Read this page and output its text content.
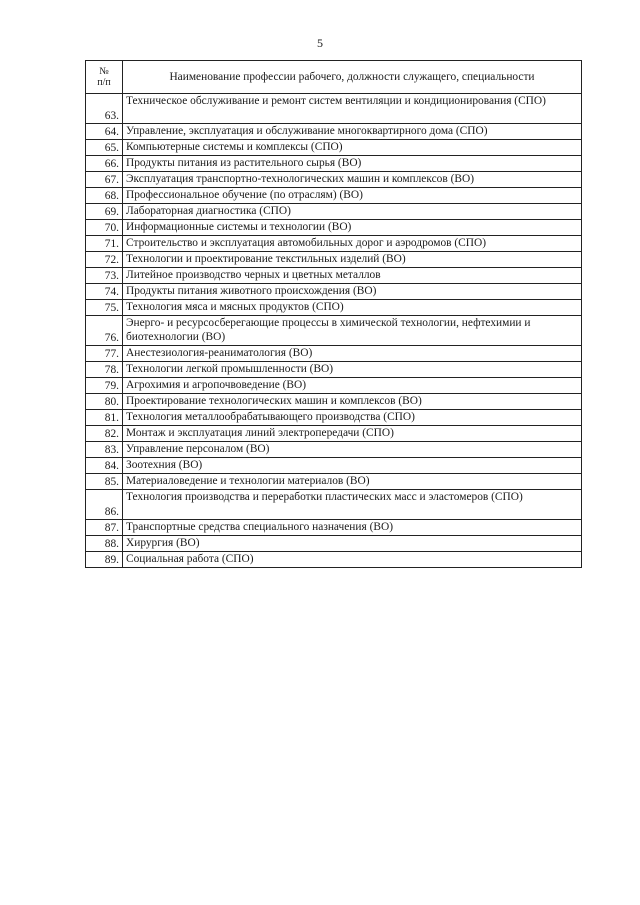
5
№
п/п	Наименование профессии рабочего, должности служащего, специальности
63.	Техническое обслуживание и ремонт систем вентиляции и кондиционирования (СПО)
64.	Управление, эксплуатация и обслуживание многоквартирного дома (СПО)
65.	Компьютерные системы и комплексы (СПО)
66.	Продукты питания из растительного сырья (ВО)
67.	Эксплуатация транспортно-технологических машин и комплексов (ВО)
68.	Профессиональное обучение (по отраслям) (ВО)
69.	Лабораторная диагностика (СПО)
70.	Информационные системы и технологии (ВО)
71.	Строительство и эксплуатация автомобильных дорог и аэродромов (СПО)
72.	Технологии и проектирование текстильных изделий (ВО)
73.	Литейное производство черных и цветных металлов
74.	Продукты питания животного происхождения (ВО)
75.	Технология мяса и мясных продуктов (СПО)
76.	Энерго- и ресурсосберегающие процессы в химической технологии, нефтехимии и биотехнологии (ВО)
77.	Анестезиология-реаниматология (ВО)
78.	Технологии легкой промышленности (ВО)
79.	Агрохимия и агропочвоведение (ВО)
80.	Проектирование технологических машин и комплексов (ВО)
81.	Технология металлообрабатывающего производства (СПО)
82.	Монтаж и эксплуатация линий электропередачи (СПО)
83.	Управление персоналом (ВО)
84.	Зоотехния (ВО)
85.	Материаловедение и технологии материалов (ВО)
86.	Технология производства и переработки пластических масс и эластомеров (СПО)
87.	Транспортные средства специального назначения (ВО)
88.	Хирургия (ВО)
89.	Социальная работа (СПО)
